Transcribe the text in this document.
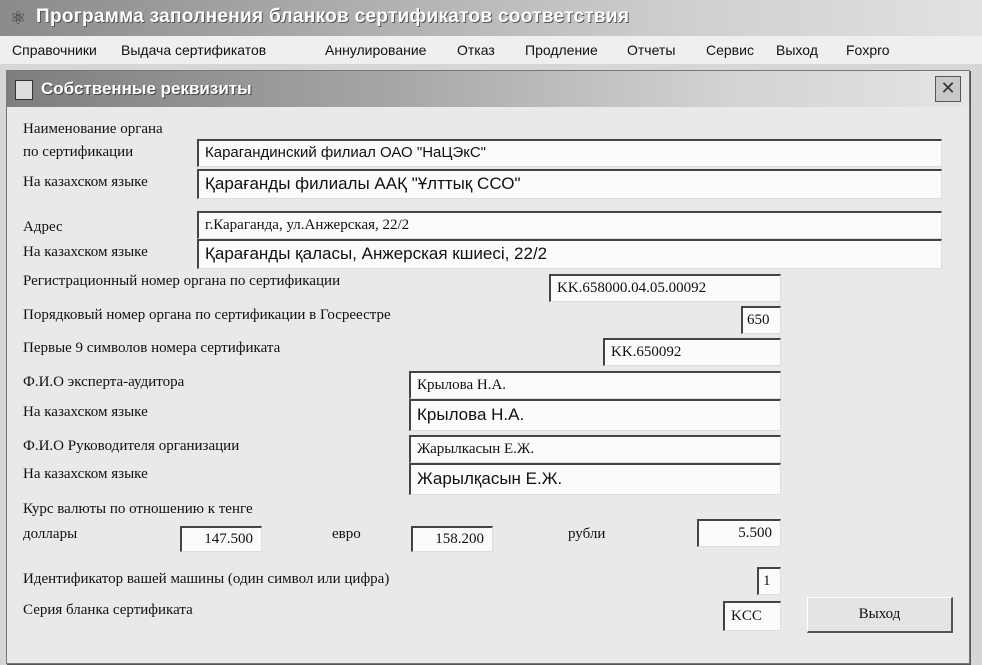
⚛ Программа заполнения бланков сертификатов соответствия
Справочники Выдача сертификатов	Аннулирование Отказ Продление Отчеты Сервис Выход Foxpro
Собственные реквизиты	✕
Наименование органа
по сертификации	Карагандинский филиал ОАО "НаЦЭкС"
На казахском языке	Қарағанды филиалы АAҚ "Ұлттық ССО"
Адрес	г.Караганда, ул.Анжерская, 22/2
На казахском языке	Қарағанды қаласы, Анжерская кшиесі, 22/2
Регистрационный номер органа по сертификации	KK.658000.04.05.00092
Порядковый номер органа по сертификации в Госреестре	650
Первые 9 символов номера сертификата	KK.650092
Ф.И.О эксперта-аудитора	Крылова Н.А.
На казахском языке	Крылова Н.А.
Ф.И.О Руководителя организации	Жарылкасын Е.Ж.
На казахском языке	Жарылқасын Е.Ж.
Курс валюты по отношению к тенге
доллары	147.500	евро	158.200	рубли	5.500
Идентификатор вашей машины (один символ или цифра)	1
Серия бланка сертификата	KCC	Выход
